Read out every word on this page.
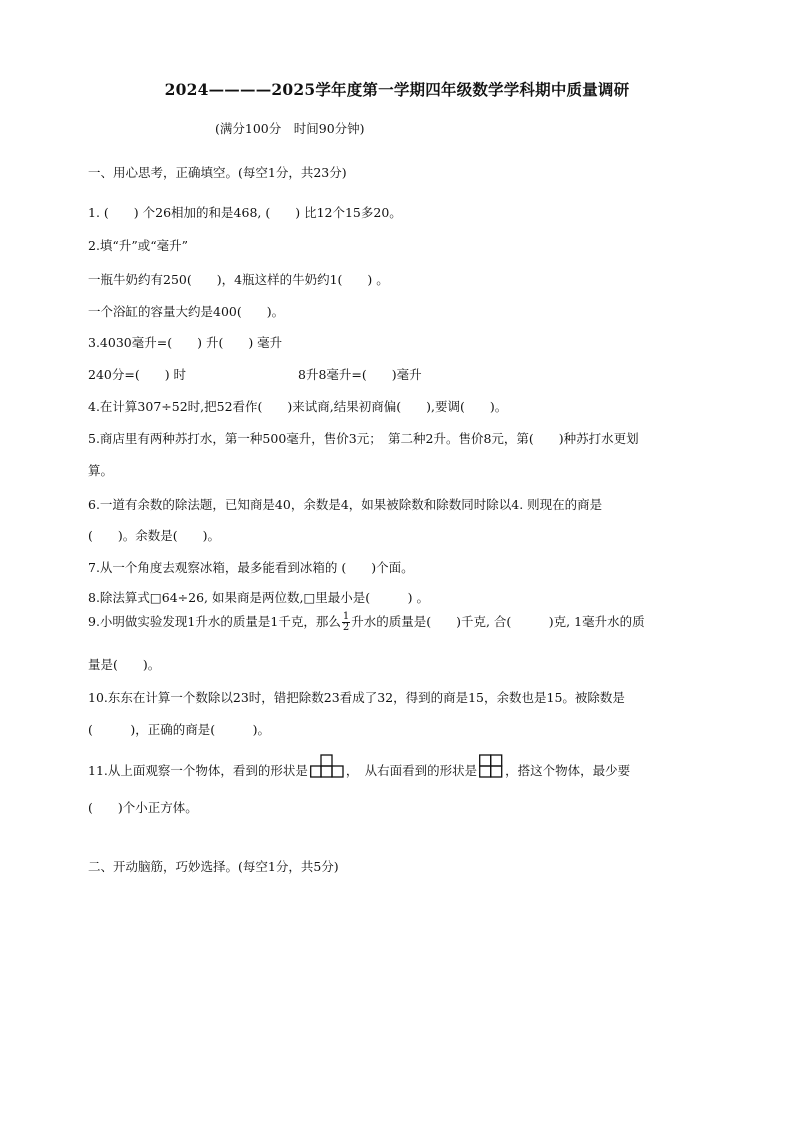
2024————2025学年度第一学期四年级数学学科期中质量调研
(满分100分　时间90分钟)
一、用心思考，正确填空。(每空1分，共23分)
1. (　　) 个26相加的和是468, (　　) 比12个15多20。
2.填“升”或“毫升”
一瓶牛奶约有250(　　)，4瓶这样的牛奶约1(　　) 。
一个浴缸的容量大约是400(　　)。
3.4030毫升=(　　) 升(　　) 毫升
240分=(　　) 时	8升8毫升=(　　)毫升
4.在计算307÷52时,把52看作(　　)来试商,结果初商偏(　　),要调(　　)。
5.商店里有两种苏打水，第一种500毫升，售价3元；　第二种2升。售价8元，第(　　)种苏打水更划
算。
6.一道有余数的除法题，已知商是40，余数是4，如果被除数和除数同时除以4. 则现在的商是
(　　)。余数是(　　)。
7.从一个角度去观察冰箱，最多能看到冰箱的 (　　)个面。
8.除法算式□64÷26, 如果商是两位数,□里最小是(　　　) 。
9.小明做实验发现1升水的质量是1千克，那么 $\frac{1}{2}$ 升水的质量是(　　)千克, 合(　　　)克, 1毫升水的质
量是(　　)。
10.东东在计算一个数除以23时，错把除数23看成了32，得到的商是15，余数也是15。被除数是
(　　　)，正确的商是(　　　)。
11.从上面观察一个物体，看到的形状是	，　从右面看到的形状是 ，搭这个物体，最少要
(　　)个小正方体。
二、开动脑筋，巧妙选择。(每空1分，共5分)
